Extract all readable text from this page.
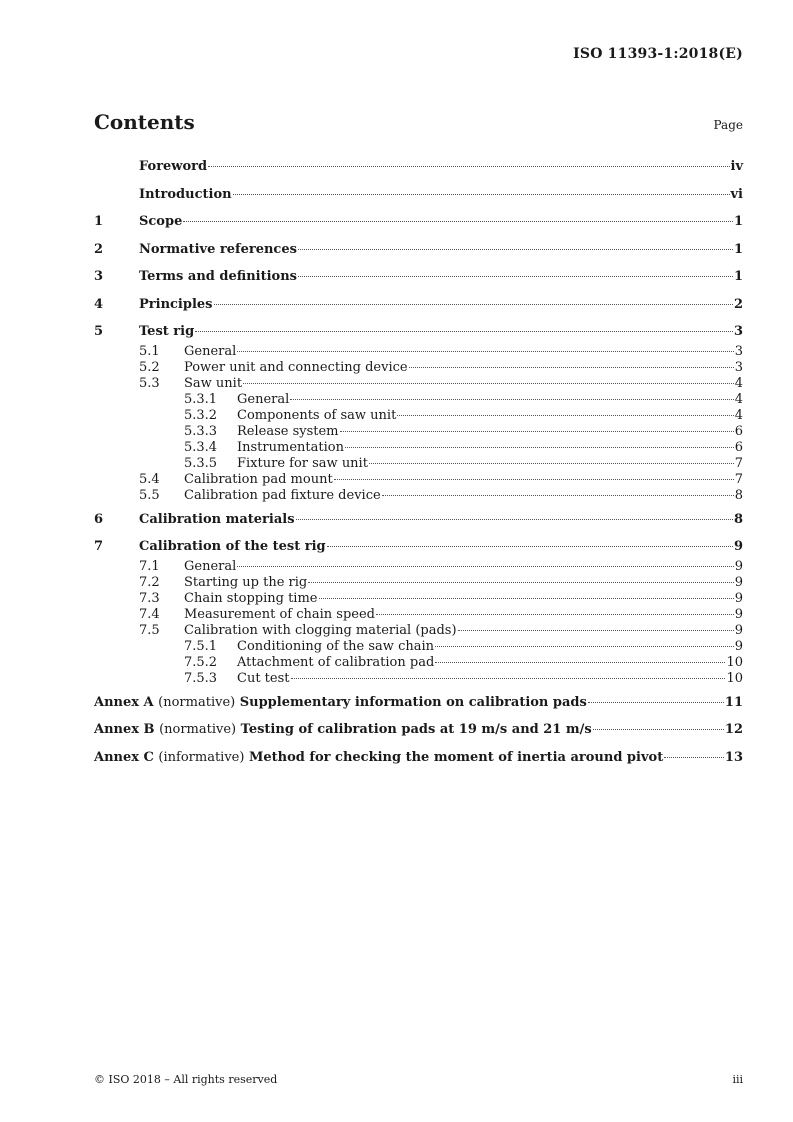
ISO 11393-1:2018(E)
Contents	Page
Foreword	iv
Introduction	vi
1	Scope	1
2	Normative references	1
3	Terms and definitions	1
4	Principles	2
5	Test rig	3
5.1	General	3
5.2	Power unit and connecting device	3
5.3	Saw unit	4
5.3.1	General	4
5.3.2	Components of saw unit	4
5.3.3	Release system	6
5.3.4	Instrumentation	6
5.3.5	Fixture for saw unit	7
5.4	Calibration pad mount	7
5.5	Calibration pad fixture device	8
6	Calibration materials	8
7	Calibration of the test rig	9
7.1	General	9
7.2	Starting up the rig	9
7.3	Chain stopping time	9
7.4	Measurement of chain speed	9
7.5	Calibration with clogging material (pads)	9
7.5.1	Conditioning of the saw chain	9
7.5.2	Attachment of calibration pad	10
7.5.3	Cut test	10
Annex A (normative) Supplementary information on calibration pads	11
Annex B (normative) Testing of calibration pads at 19 m/s and 21 m/s	12
Annex C (informative) Method for checking the moment of inertia around pivot	13
© ISO 2018 – All rights reserved	iii
